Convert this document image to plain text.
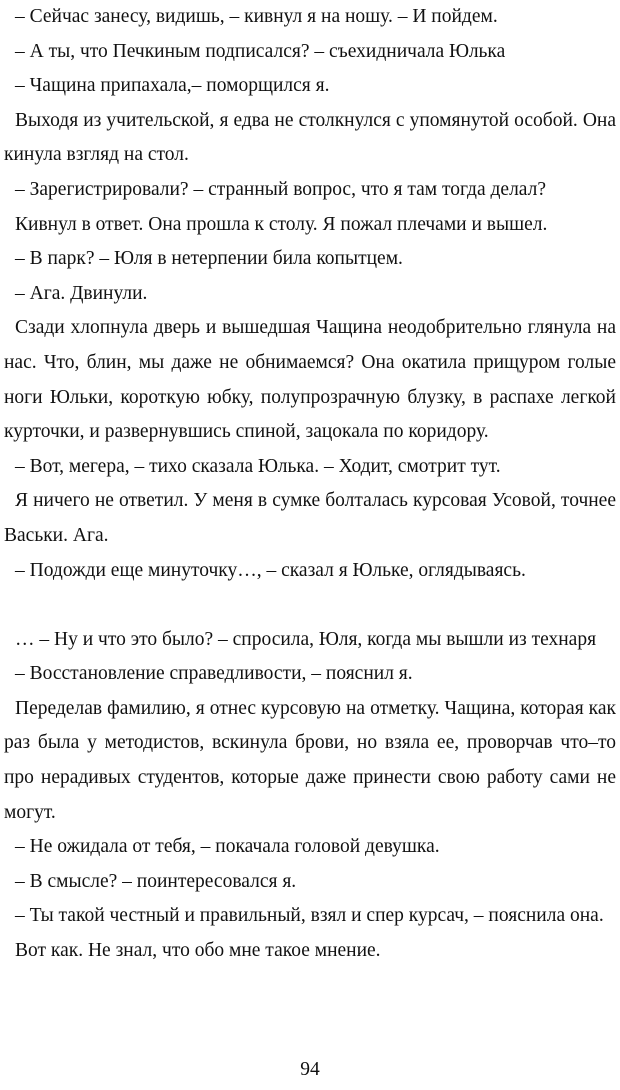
– Сейчас занесу, видишь, – кивнул я на ношу. – И пойдем.

– А ты, что Печкиным подписался? – съехидничала Юлька

– Чащина припахала,– поморщился я.

Выходя из учительской, я едва не столкнулся с упомянутой особой. Она кинула взгляд на стол.

– Зарегистрировали? – странный вопрос, что я там тогда делал?

Кивнул в ответ. Она прошла к столу. Я пожал плечами и вышел.

– В парк? – Юля в нетерпении била копытцем.

– Ага. Двинули.

Сзади хлопнула дверь и вышедшая Чащина неодобрительно глянула на нас. Что, блин, мы даже не обнимаемся? Она окатила прищуром голые ноги Юльки, короткую юбку, полупрозрачную блузку, в распахе легкой курточки, и развернувшись спиной, зацокала по коридору.

– Вот, мегера, – тихо сказала Юлька. – Ходит, смотрит тут.

Я ничего не ответил. У меня в сумке болталась курсовая Усовой, точнее Васьки. Ага.

– Подожди еще минуточку…, – сказал я Юльке, оглядываясь.

… – Ну и что это было? – спросила, Юля, когда мы вышли из технаря

– Восстановление справедливости, – пояснил я.

Переделав фамилию, я отнес курсовую на отметку. Чащина, которая как раз была у методистов, вскинула брови, но взяла ее, проворчав что–то про нерадивых студентов, которые даже принести свою работу сами не могут.

– Не ожидала от тебя, – покачала головой девушка.

– В смысле? – поинтересовался я.

– Ты такой честный и правильный, взял и спер курсач, – пояснила она.

Вот как. Не знал, что обо мне такое мнение.

94
